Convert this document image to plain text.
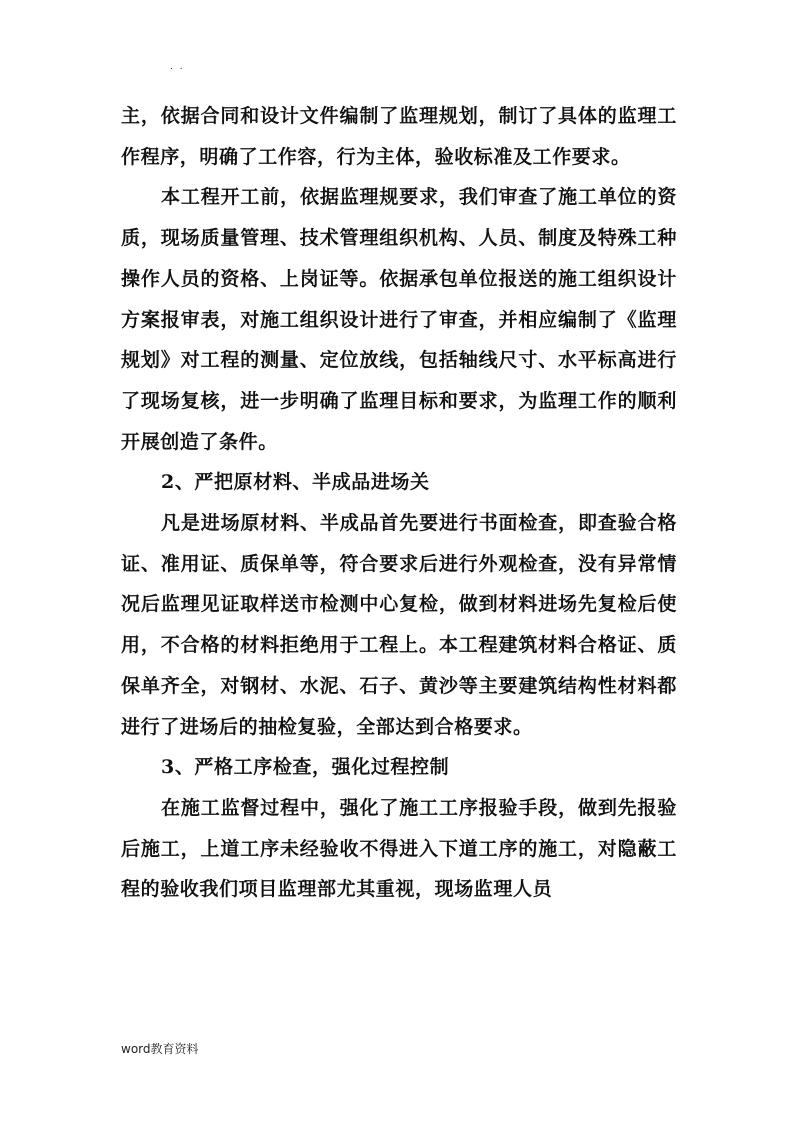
. .

主，依据合同和设计文件编制了监理规划，制订了具体的监理工作程序，明确了工作容，行为主体，验收标准及工作要求。

本工程开工前，依据监理规要求，我们审查了施工单位的资质，现场质量管理、技术管理组织机构、人员、制度及特殊工种操作人员的资格、上岗证等。依据承包单位报送的施工组织设计方案报审表，对施工组织设计进行了审查，并相应编制了《监理规划》对工程的测量、定位放线，包括轴线尺寸、水平标高进行了现场复核，进一步明确了监理目标和要求，为监理工作的顺利开展创造了条件。

2、严把原材料、半成品进场关

凡是进场原材料、半成品首先要进行书面检查，即查验合格证、准用证、质保单等，符合要求后进行外观检查，没有异常情况后监理见证取样送市检测中心复检，做到材料进场先复检后使用，不合格的材料拒绝用于工程上。本工程建筑材料合格证、质保单齐全，对钢材、水泥、石子、黄沙等主要建筑结构性材料都进行了进场后的抽检复验，全部达到合格要求。

3、严格工序检查，强化过程控制

在施工监督过程中，强化了施工工序报验手段，做到先报验后施工，上道工序未经验收不得进入下道工序的施工，对隐蔽工程的验收我们项目监理部尤其重视，现场监理人员

word教育资料
